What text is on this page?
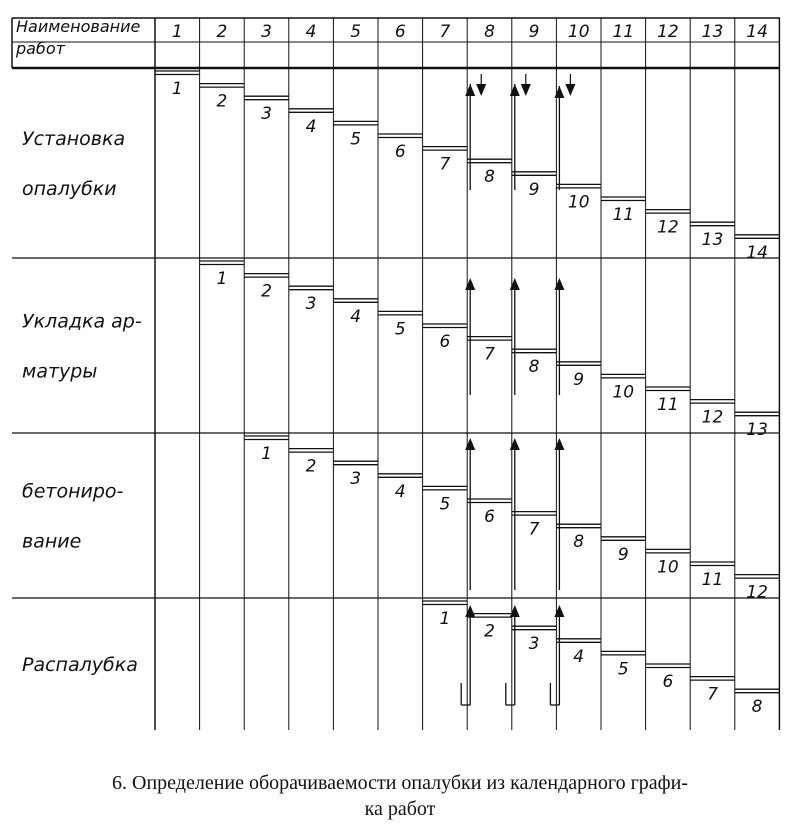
Установка
опалубки
Укладка ар-
матуры
бетониро-
вание
Распалубка
1
2
3
4
5
6
7
8
9
10
11
12
13
14
1
2
3
4
5
6
7
8
9
10
11
12
13
1
2
3
4
5
6
7
8
9
10
11
12
1
2
3
4
5
6
7
8
Наименование
работ
1 2 3 4 5 6 7 8 9 10 11 12 13 14
6. Определение оборачиваемости опалубки из календарного графи-
ка работ
